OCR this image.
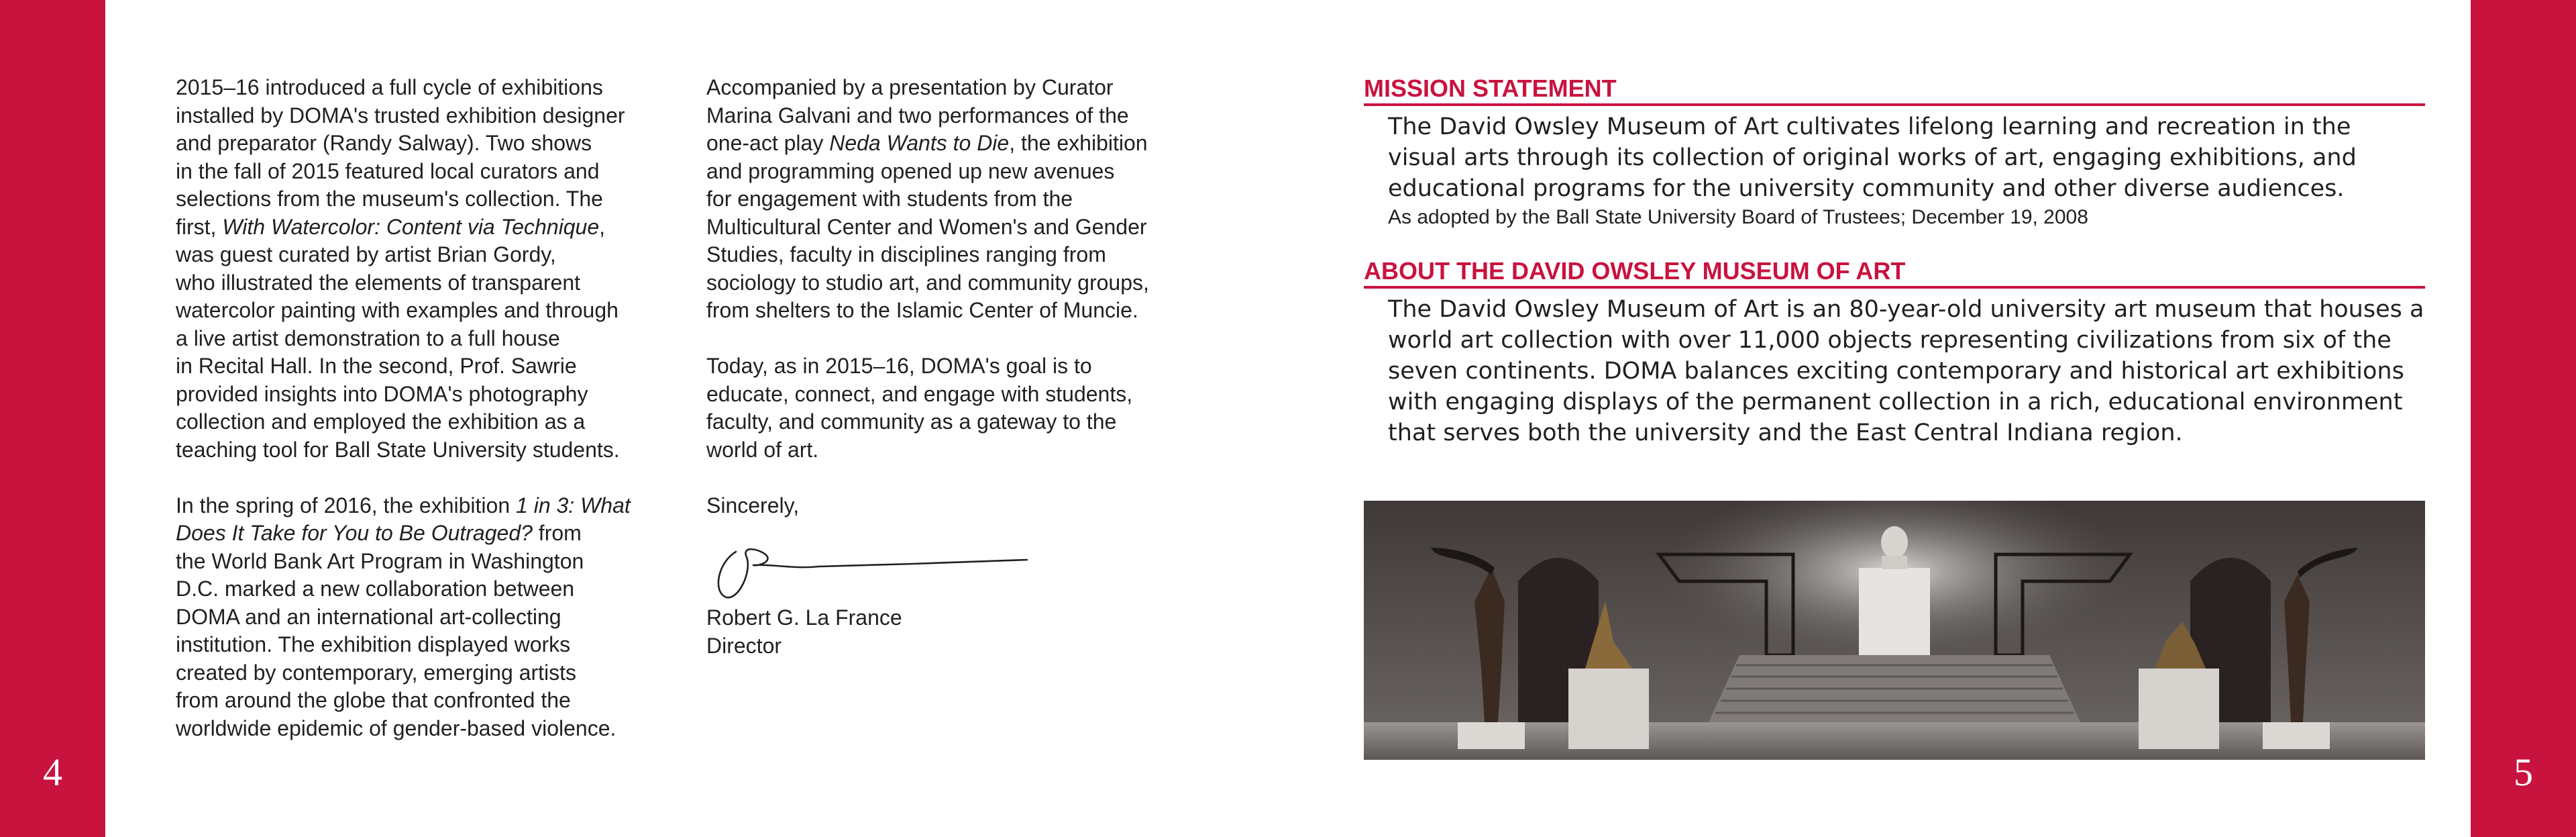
4	5

2015–16 introduced a full cycle of exhibitions

installed by DOMA's trusted exhibition designer

and preparator (Randy Salway). Two shows

in the fall of 2015 featured local curators and

selections from the museum's collection. The

first, With Watercolor: Content via Technique,

was guest curated by artist Brian Gordy,

who illustrated the elements of transparent

watercolor painting with examples and through

a live artist demonstration to a full house

in Recital Hall. In the second, Prof. Sawrie

provided insights into DOMA's photography

collection and employed the exhibition as a

teaching tool for Ball State University students.

In the spring of 2016, the exhibition 1 in 3: What

Does It Take for You to Be Outraged? from

the World Bank Art Program in Washington

D.C. marked a new collaboration between

DOMA and an international art-collecting

institution. The exhibition displayed works

created by contemporary, emerging artists

from around the globe that confronted the

worldwide epidemic of gender-based violence.

Accompanied by a presentation by Curator

Marina Galvani and two performances of the

one-act play Neda Wants to Die, the exhibition

and programming opened up new avenues

for engagement with students from the

Multicultural Center and Women's and Gender

Studies, faculty in disciplines ranging from

sociology to studio art, and community groups,

from shelters to the Islamic Center of Muncie.

Today, as in 2015–16, DOMA's goal is to

educate, connect, and engage with students,

faculty, and community as a gateway to the

world of art.

Sincerely,

Robert G. La France

Director

MISSION STATEMENT

The David Owsley Museum of Art cultivates lifelong learning and recreation in the visual arts through its collection of original works of art, engaging exhibitions, and educational programs for the university community and other diverse audiences.

As adopted by the Ball State University Board of Trustees; December 19, 2008

ABOUT THE DAVID OWSLEY MUSEUM OF ART

The David Owsley Museum of Art is an 80-year-old university art museum that houses a world art collection with over 11,000 objects representing civilizations from six of the seven continents. DOMA balances exciting contemporary and historical art exhibitions with engaging displays of the permanent collection in a rich, educational environment that serves both the university and the East Central Indiana region.
